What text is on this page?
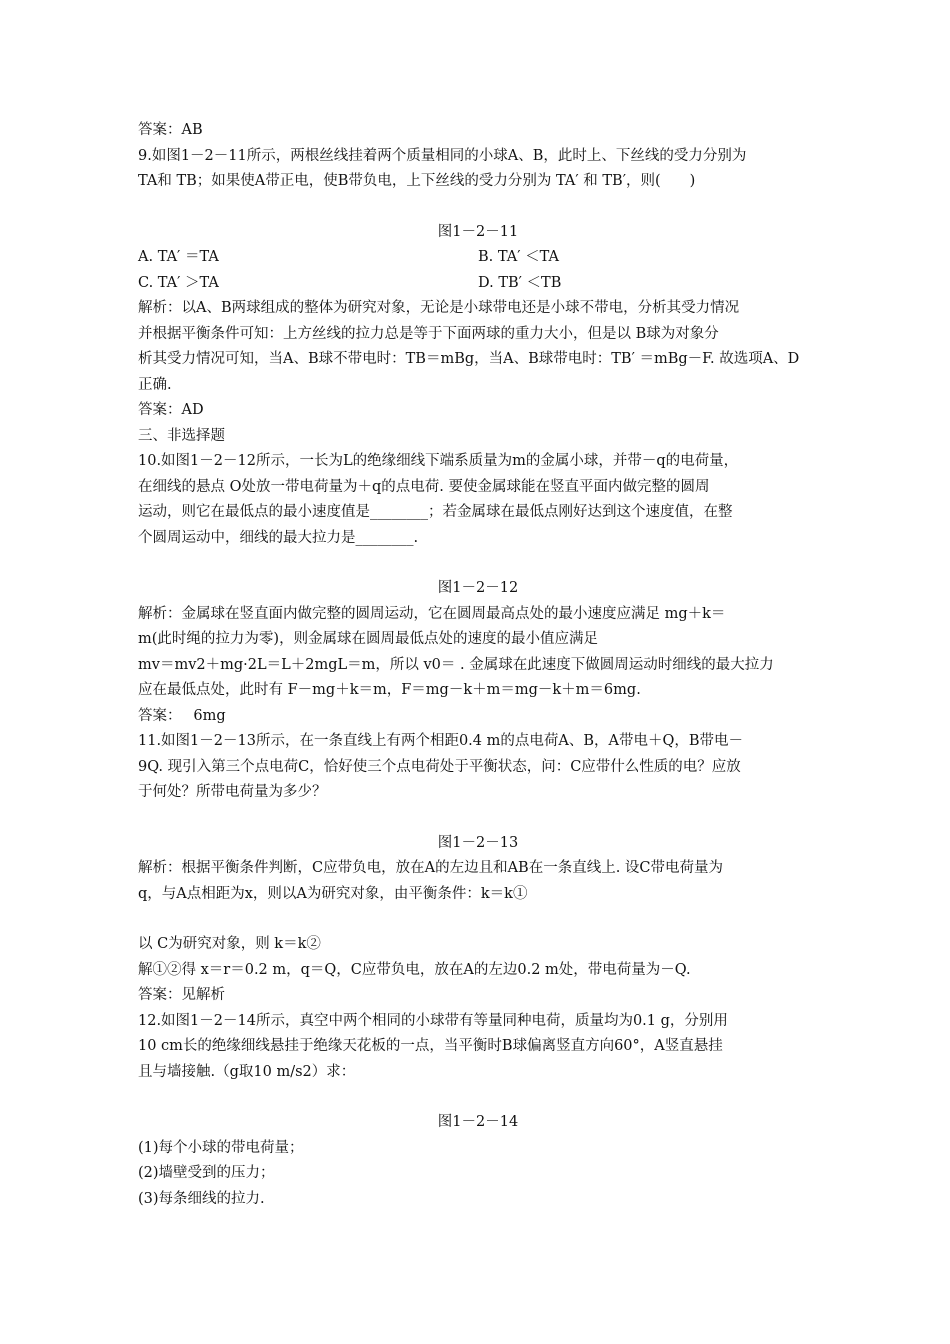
答案：AB
9.如图1－2－11所示，两根丝线挂着两个质量相同的小球A、B，此时上、下丝线的受力分别为
TA和 TB；如果使A带正电，使B带负电，上下丝线的受力分别为 TA′ 和 TB′，则(　　)
图1－2－11
A. TA′ ＝TA	B. TA′ ＜TA
C. TA′ ＞TA	D. TB′ ＜TB
解析：以A、B两球组成的整体为研究对象，无论是小球带电还是小球不带电，分析其受力情况
并根据平衡条件可知：上方丝线的拉力总是等于下面两球的重力大小，但是以 B球为对象分
析其受力情况可知，当A、B球不带电时：TB＝mBg，当A、B球带电时：TB′ ＝mBg－F. 故选项A、D
正确.
答案：AD
三、非选择题
10.如图1－2－12所示，一长为L的绝缘细线下端系质量为m的金属小球，并带－q的电荷量，
在细线的悬点 O处放一带电荷量为＋q的点电荷. 要使金属球能在竖直平面内做完整的圆周
运动，则它在最低点的最小速度值是________；若金属球在最低点刚好达到这个速度值，在整
个圆周运动中，细线的最大拉力是________.
图1－2－12
解析：金属球在竖直面内做完整的圆周运动，它在圆周最高点处的最小速度应满足 mg＋k＝
m(此时绳的拉力为零)，则金属球在圆周最低点处的速度的最小值应满足
mv＝mv2＋mg·2L＝L＋2mgL＝m，所以 v0＝ . 金属球在此速度下做圆周运动时细线的最大拉力
应在最低点处，此时有 F－mg＋k＝m，F＝mg－k＋m＝mg－k＋m＝6mg.
答案：　 6mg
11.如图1－2－13所示，在一条直线上有两个相距0.4 m的点电荷A、B，A带电＋Q，B带电－
9Q. 现引入第三个点电荷C，恰好使三个点电荷处于平衡状态，问：C应带什么性质的电？应放
于何处？所带电荷量为多少？
图1－2－13
解析：根据平衡条件判断，C应带负电，放在A的左边且和AB在一条直线上. 设C带电荷量为
q，与A点相距为x，则以A为研究对象，由平衡条件：k＝k①
以 C为研究对象，则 k＝k②
解①②得 x＝r＝0.2 m，q＝Q，C应带负电，放在A的左边0.2 m处，带电荷量为－Q.
答案：见解析
12.如图1－2－14所示，真空中两个相同的小球带有等量同种电荷，质量均为0.1 g，分别用
10 cm长的绝缘细线悬挂于绝缘天花板的一点，当平衡时B球偏离竖直方向60°，A竖直悬挂
且与墙接触.（g取10 m/s2）求：
图1－2－14
(1)每个小球的带电荷量；
(2)墙壁受到的压力；
(3)每条细线的拉力.
